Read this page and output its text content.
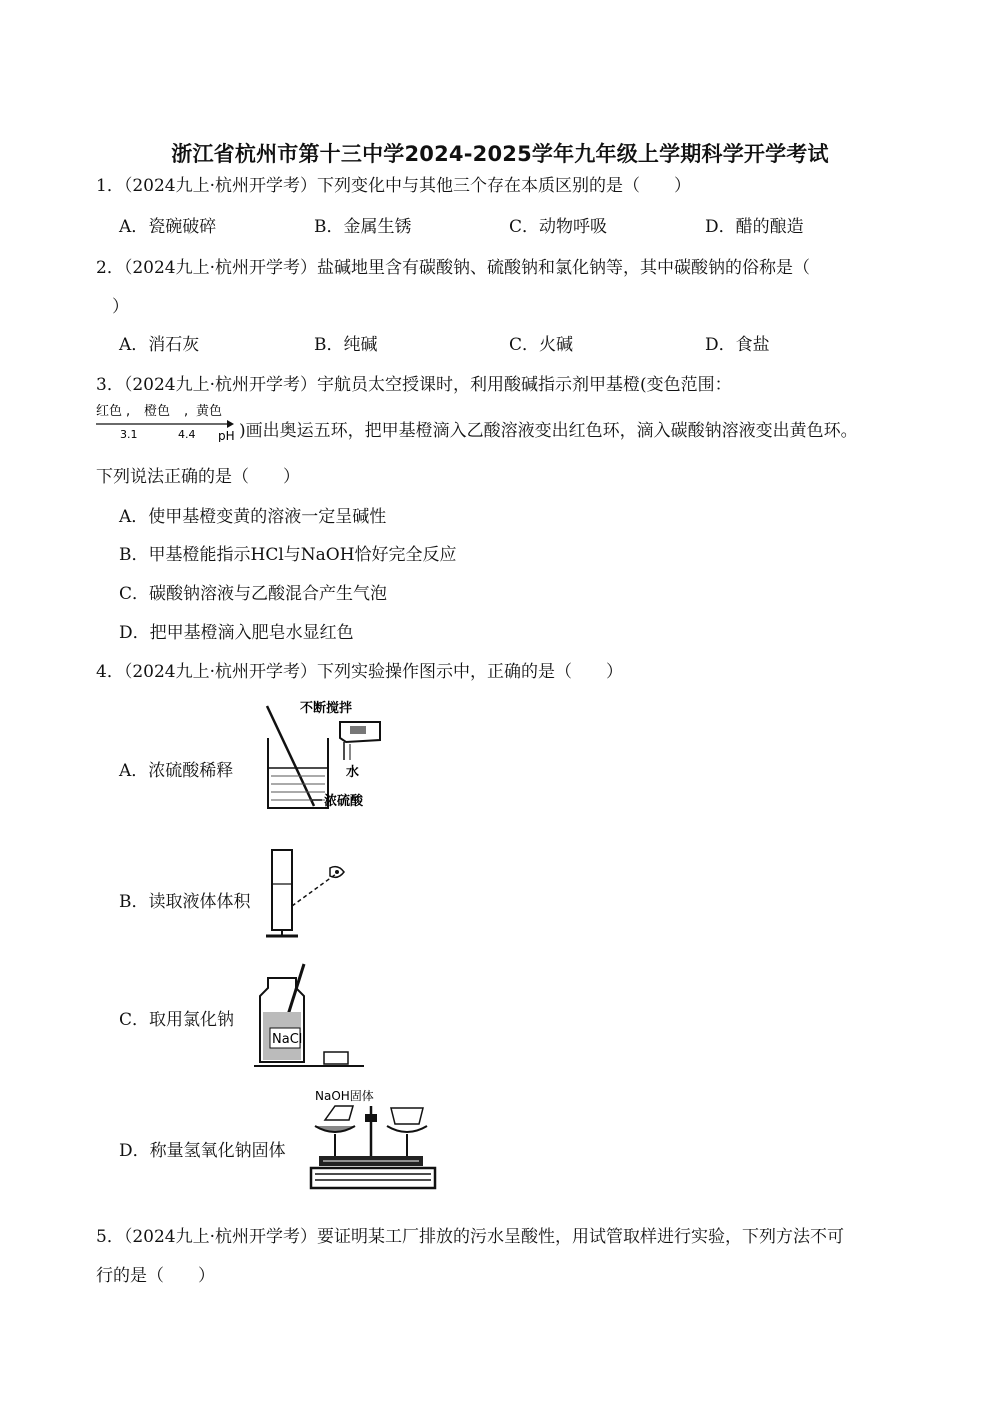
浙江省杭州市第十三中学2024-2025学年九年级上学期科学开学考试
1．（2024九上·杭州开学考）下列变化中与其他三个存在本质区别的是（　　）
A．瓷碗破碎	B．金属生锈	C．动物呼吸	D．醋的酿造
2．（2024九上·杭州开学考）盐碱地里含有碳酸钠、硫酸钠和氯化钠等，其中碳酸钠的俗称是（
）
A．消石灰	B．纯碱	C．火碱	D．食盐
3．（2024九上·杭州开学考）宇航员太空授课时，利用酸碱指示剂甲基橙(变色范围：
红色 , 橙色 , 黄色
3.1	4.4 pH )画出奥运五环，把甲基橙滴入乙酸溶液变出红色环，滴入碳酸钠溶液变出黄色环。
下列说法正确的是（　　）
A．使甲基橙变黄的溶液一定呈碱性
B．甲基橙能指示HCl与NaOH恰好完全反应
C．碳酸钠溶液与乙酸混合产生气泡
D．把甲基橙滴入肥皂水显红色
4．（2024九上·杭州开学考）下列实验操作图示中，正确的是（　　）
A．浓硫酸稀释
不断搅拌
水
浓硫酸
B．读取液体体积
C．取用氯化钠
NaCl
D．称量氢氧化钠固体
NaOH固体
5．（2024九上·杭州开学考）要证明某工厂排放的污水呈酸性，用试管取样进行实验，下列方法不可
行的是（　　）
